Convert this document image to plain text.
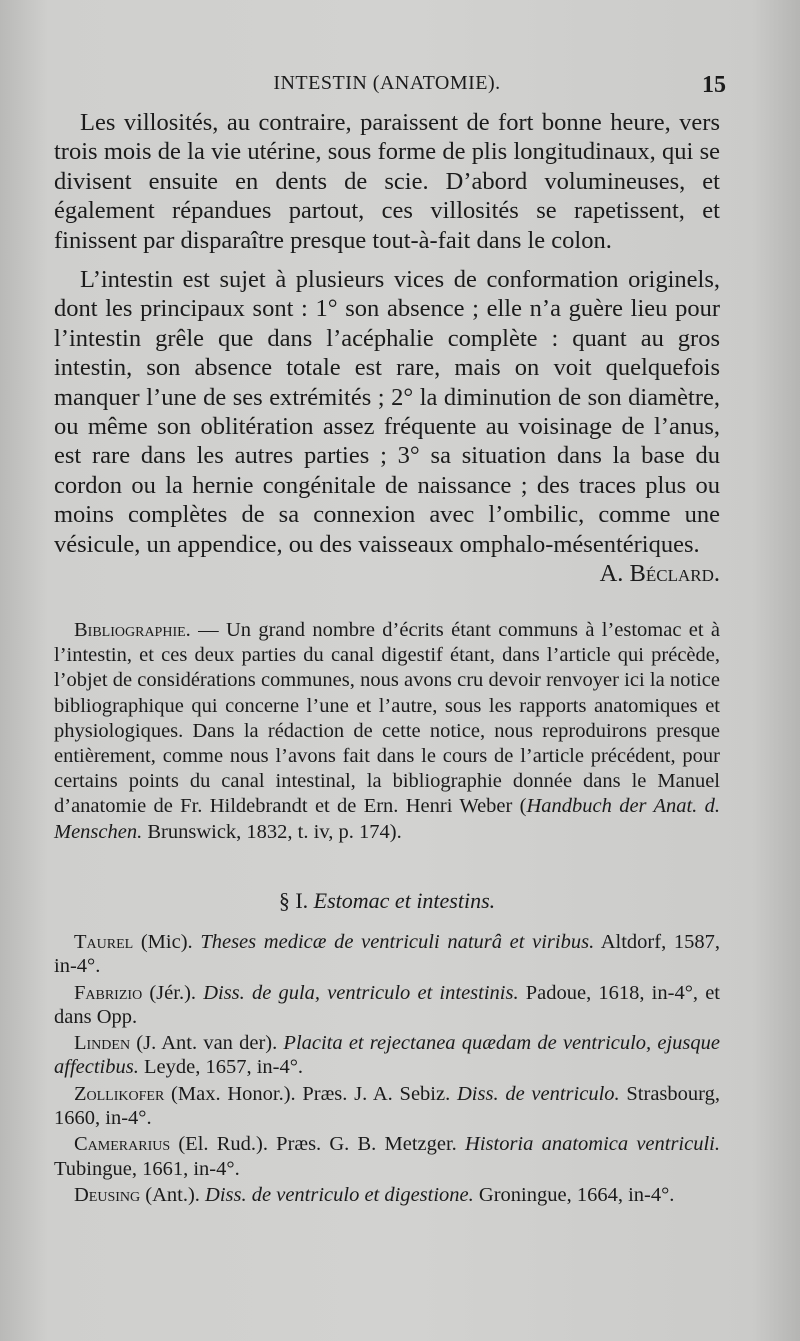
INTESTIN (ANATOMIE).	15

Les villosités, au contraire, paraissent de fort bonne heure, vers trois mois de la vie utérine, sous forme de plis longitudinaux, qui se divisent ensuite en dents de scie. D’abord volumineuses, et également répandues partout, ces villosités se rapetissent, et finissent par disparaître presque tout-à-fait dans le colon.

L’intestin est sujet à plusieurs vices de conformation originels, dont les principaux sont : 1° son absence ; elle n’a guère lieu pour l’intestin grêle que dans l’acéphalie complète : quant au gros intestin, son absence totale est rare, mais on voit quelquefois manquer l’une de ses extrémités ; 2° la diminution de son diamètre, ou même son oblitération assez fréquente au voisinage de l’anus, est rare dans les autres parties ; 3° sa situation dans la base du cordon ou la hernie congénitale de naissance ; des traces plus ou moins complètes de sa connexion avec l’ombilic, comme une vésicule, un appendice, ou des vaisseaux omphalo-mésentériques.
A. Béclard.

Bibliographie. — Un grand nombre d’écrits étant communs à l’estomac et à l’intestin, et ces deux parties du canal digestif étant, dans l’article qui précède, l’objet de considérations communes, nous avons cru devoir renvoyer ici la notice bibliographique qui concerne l’une et l’autre, sous les rapports anatomiques et physiologiques. Dans la rédaction de cette notice, nous reproduirons presque entièrement, comme nous l’avons fait dans le cours de l’article précédent, pour certains points du canal intestinal, la bibliographie donnée dans le Manuel d’anatomie de Fr. Hildebrandt et de Ern. Henri Weber (Handbuch der Anat. d. Menschen. Brunswick, 1832, t. iv, p. 174).

§ I. Estomac et intestins.

Taurel (Mic). Theses medicæ de ventriculi naturâ et viribus. Altdorf, 1587, in-4°.

Fabrizio (Jér.). Diss. de gula, ventriculo et intestinis. Padoue, 1618, in-4°, et dans Opp.

Linden (J. Ant. van der). Placita et rejectanea quædam de ventriculo, ejusque affectibus. Leyde, 1657, in-4°.

Zollikofer (Max. Honor.). Præs. J. A. Sebiz. Diss. de ventriculo. Strasbourg, 1660, in-4°.

Camerarius (El. Rud.). Præs. G. B. Metzger. Historia anatomica ventriculi. Tubingue, 1661, in-4°.

Deusing (Ant.). Diss. de ventriculo et digestione. Groningue, 1664, in-4°.
